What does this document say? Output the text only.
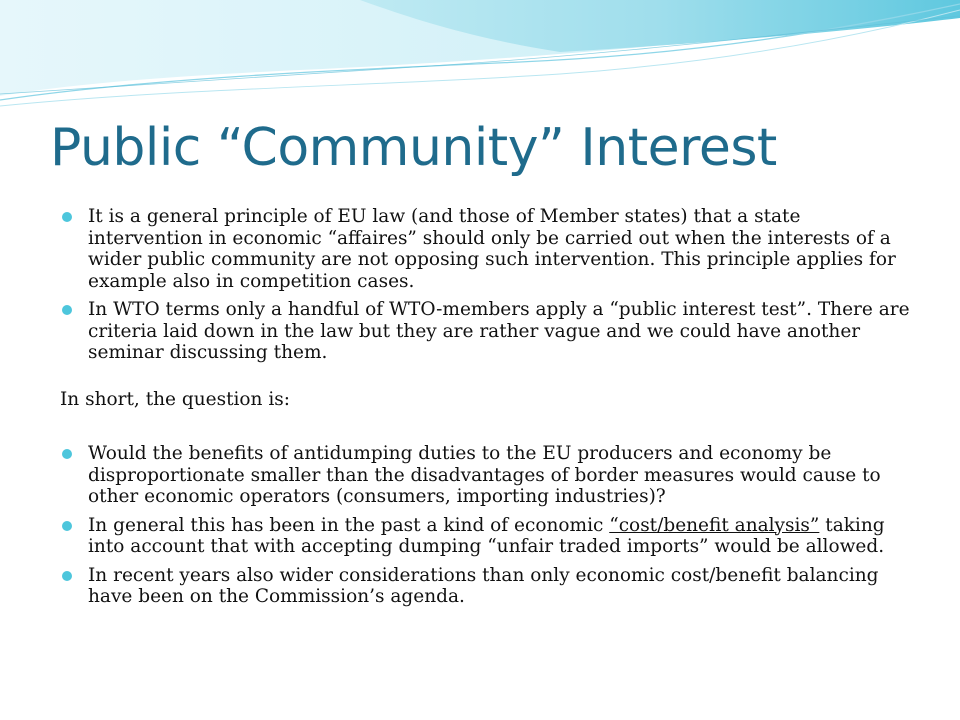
Public “Community” Interest
It is a general principle of EU law (and those of Member states) that a state intervention in economic “affaires” should only be carried out when the interests of a wider public community are not opposing such intervention. This principle applies for example also in competition cases.
In WTO terms only a handful of WTO-members apply a “public interest test”. There are criteria laid down in the law but they are rather vague and we could have another seminar discussing them.
In short, the question is:
Would the benefits of antidumping duties to the EU producers and economy be disproportionate smaller than the disadvantages of border measures would cause to other economic operators (consumers, importing industries)?
In general this has been in the past a kind of economic “cost/benefit analysis” taking into account that with accepting dumping “unfair traded imports” would be allowed.
In recent years also wider considerations than only economic cost/benefit balancing have been on the Commission’s agenda.
